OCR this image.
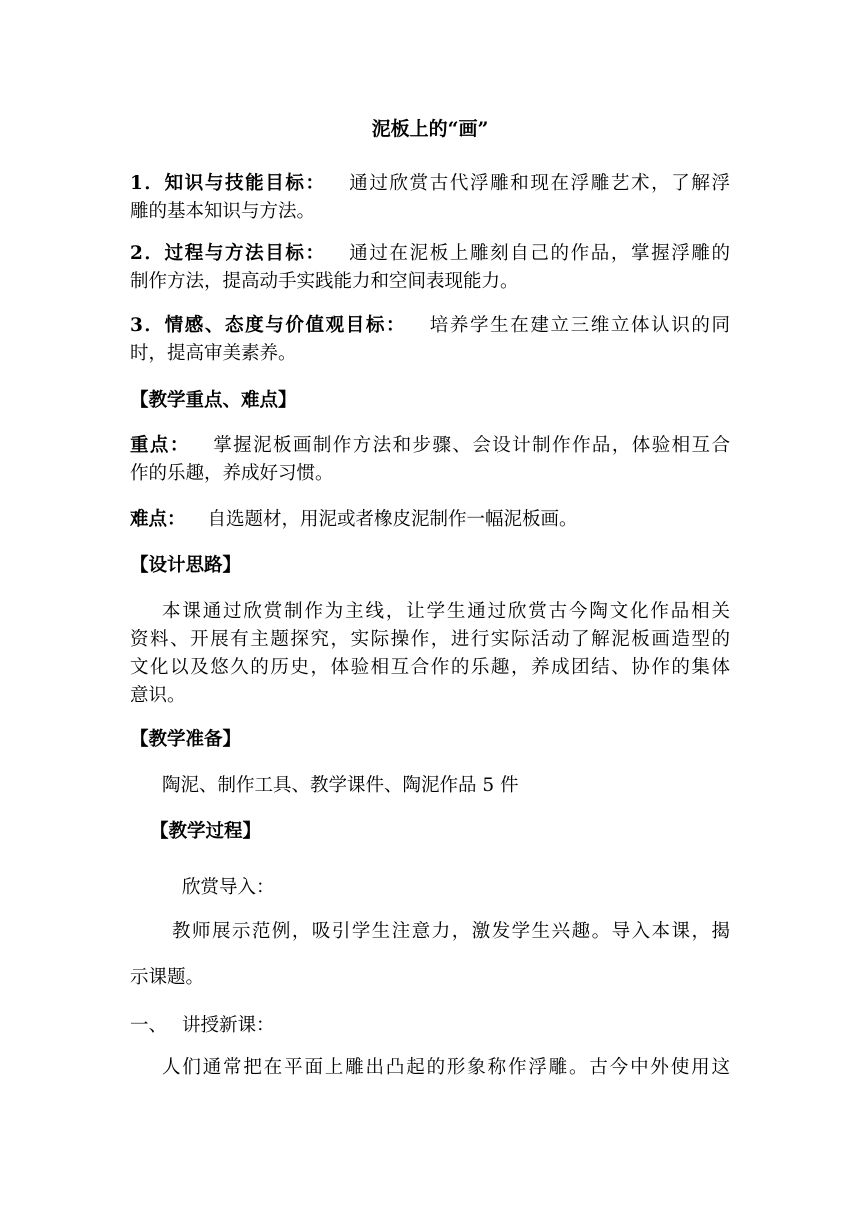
泥板上的“画”
1．知识与技能目标： 通过欣赏古代浮雕和现在浮雕艺术，了解浮
雕的基本知识与方法。
2．过程与方法目标： 通过在泥板上雕刻自己的作品，掌握浮雕的
制作方法，提高动手实践能力和空间表现能力。
3．情感、态度与价值观目标： 培养学生在建立三维立体认识的同
时，提高审美素养。
【教学重点、难点】
重点： 掌握泥板画制作方法和步骤、会设计制作作品，体验相互合
作的乐趣，养成好习惯。
难点： 自选题材，用泥或者橡皮泥制作一幅泥板画。
【设计思路】
本课通过欣赏制作为主线，让学生通过欣赏古今陶文化作品相关
资料、开展有主题探究，实际操作，进行实际活动了解泥板画造型的
文化以及悠久的历史，体验相互合作的乐趣，养成团结、协作的集体
意识。
【教学准备】
陶泥、制作工具、教学课件、陶泥作品 5 件
【教学过程】
欣赏导入：
教师展示范例，吸引学生注意力，激发学生兴趣。导入本课，揭
示课题。
一、 讲授新课：
人们通常把在平面上雕出凸起的形象称作浮雕。古今中外使用这
